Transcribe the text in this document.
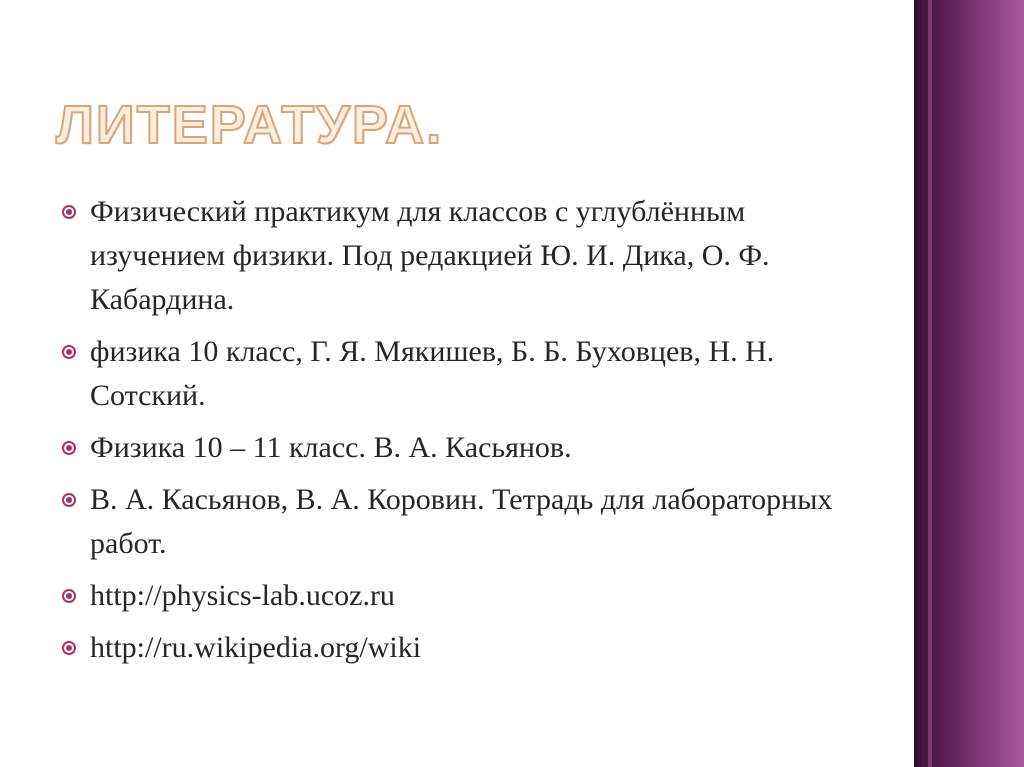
ЛИТЕРАТУРА.
Физический практикум для классов с углублённым изучением физики. Под редакцией Ю. И. Дика, О. Ф. Кабардина.
физика 10 класс, Г. Я. Мякишев, Б. Б. Буховцев, Н. Н. Сотский.
Физика 10 – 11 класс. В. А. Касьянов.
В. А. Касьянов, В. А. Коровин. Тетрадь для лабораторных работ.
http://physics-lab.ucoz.ru
http://ru.wikipedia.org/wiki
